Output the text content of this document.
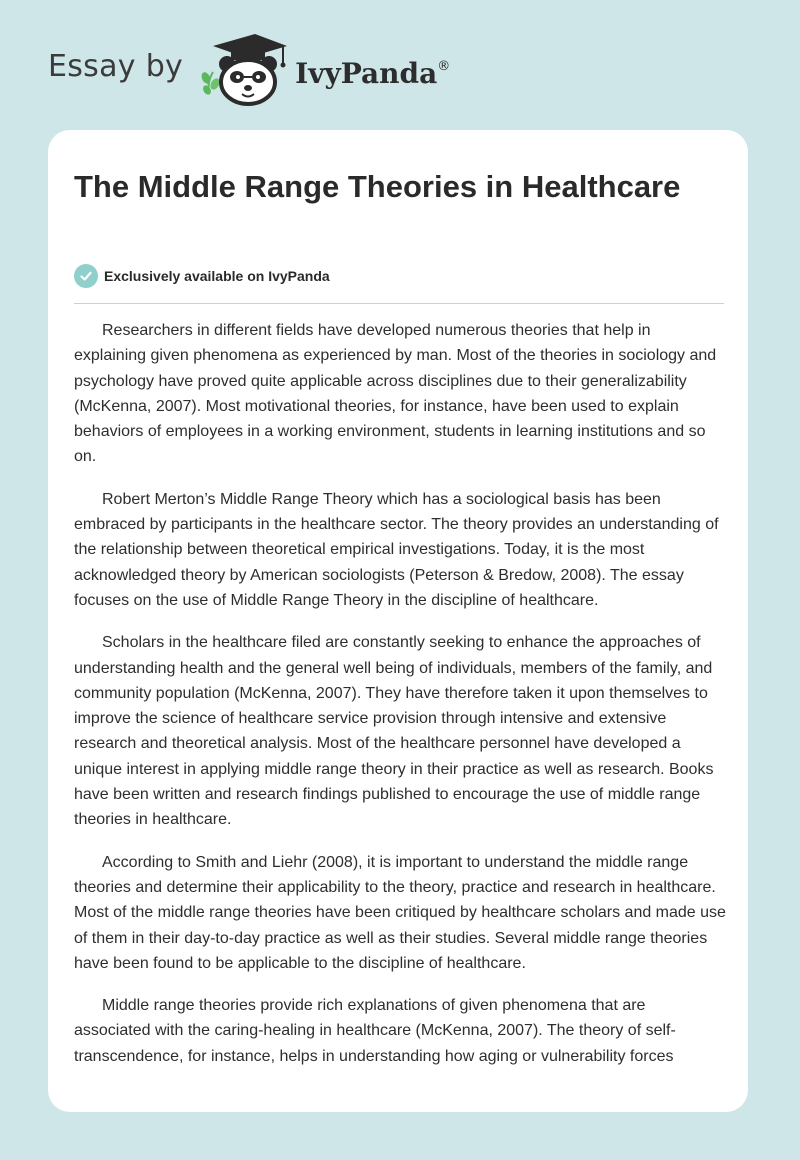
Essay by	IvyPanda®
The Middle Range Theories in Healthcare
Exclusively available on IvyPanda

Researchers in different fields have developed numerous theories that help in explaining given phenomena as experienced by man. Most of the theories in sociology and psychology have proved quite applicable across disciplines due to their generalizability (McKenna, 2007). Most motivational theories, for instance, have been used to explain behaviors of employees in a working environment, students in learning institutions and so on.

Robert Merton’s Middle Range Theory which has a sociological basis has been embraced by participants in the healthcare sector. The theory provides an understanding of the relationship between theoretical empirical investigations. Today, it is the most acknowledged theory by American sociologists (Peterson & Bredow, 2008). The essay focuses on the use of Middle Range Theory in the discipline of healthcare.

Scholars in the healthcare filed are constantly seeking to enhance the approaches of understanding health and the general well being of individuals, members of the family, and community population (McKenna, 2007). They have therefore taken it upon themselves to improve the science of healthcare service provision through intensive and extensive research and theoretical analysis. Most of the healthcare personnel have developed a unique interest in applying middle range theory in their practice as well as research. Books have been written and research findings published to encourage the use of middle range theories in healthcare.

According to Smith and Liehr (2008), it is important to understand the middle range theories and determine their applicability to the theory, practice and research in healthcare. Most of the middle range theories have been critiqued by healthcare scholars and made use of them in their day-to-day practice as well as their studies. Several middle range theories have been found to be applicable to the discipline of healthcare.

Middle range theories provide rich explanations of given phenomena that are associated with the caring-healing in healthcare (McKenna, 2007). The theory of self-transcendence, for instance, helps in understanding how aging or vulnerability forces
